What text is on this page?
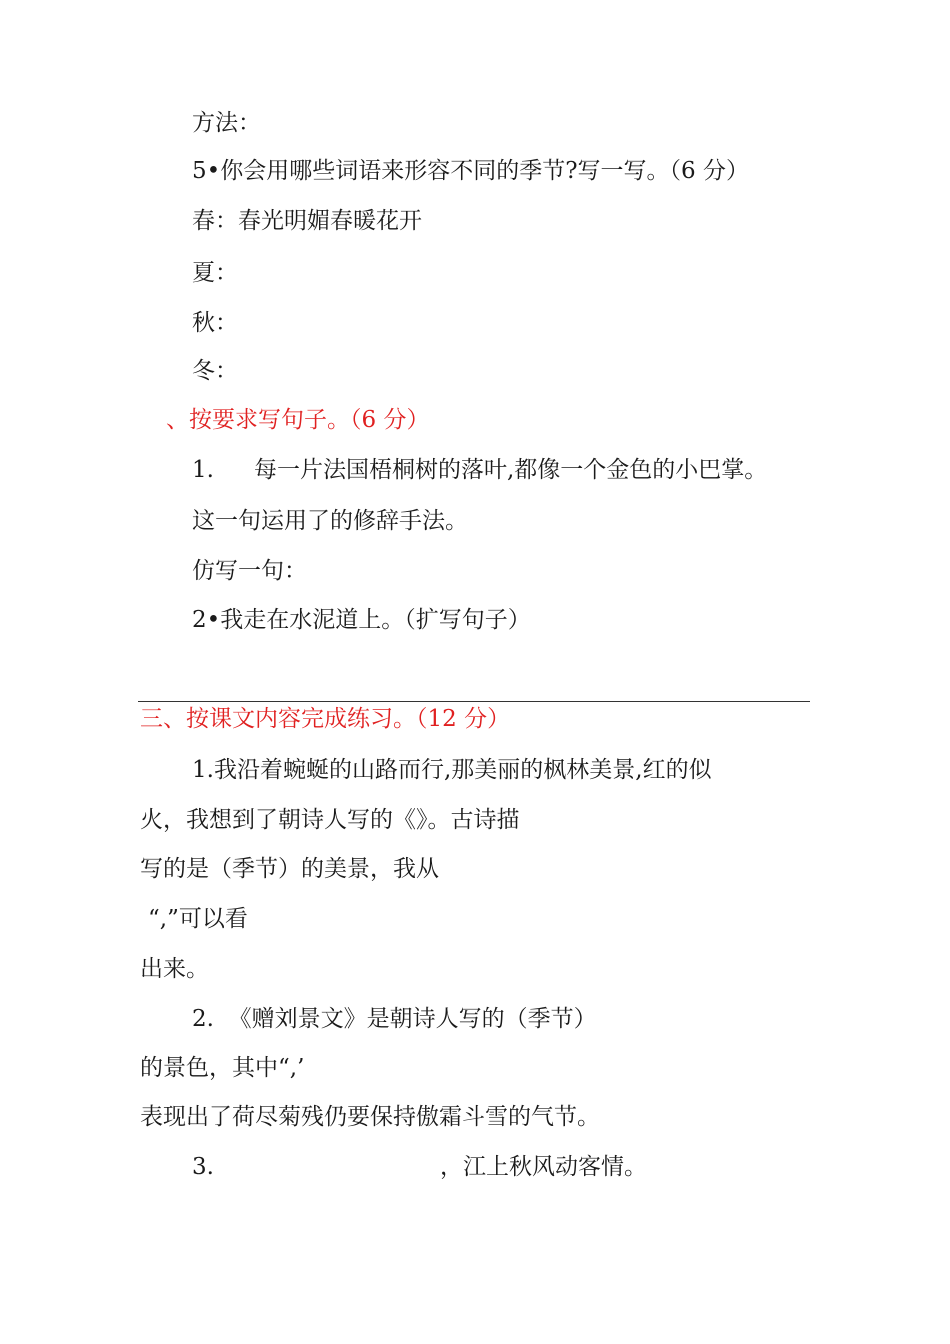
方法：
5•你会用哪些词语来形容不同的季节?写一写。（6 分）
春：春光明媚春暖花开
夏：
秋：
冬：
、按要求写句子。（6 分）
1. 每一片法国梧桐树的落叶,都像一个金色的小巴掌。
这一句运用了的修辞手法。
仿写一句：
2•我走在水泥道上。（扩写句子）
三、按课文内容完成练习。（12 分）
1.我沿着蜿蜒的山路而行,那美丽的枫林美景,红的似
火，我想到了朝诗人写的《》。古诗描
写的是（季节）的美景，我从
“,”可以看
出来。
2.  《赠刘景文》是朝诗人写的（季节）
的景色，其中“,’
表现出了荷尽菊残仍要保持傲霜斗雪的气节。
3.	，江上秋风动客情。
